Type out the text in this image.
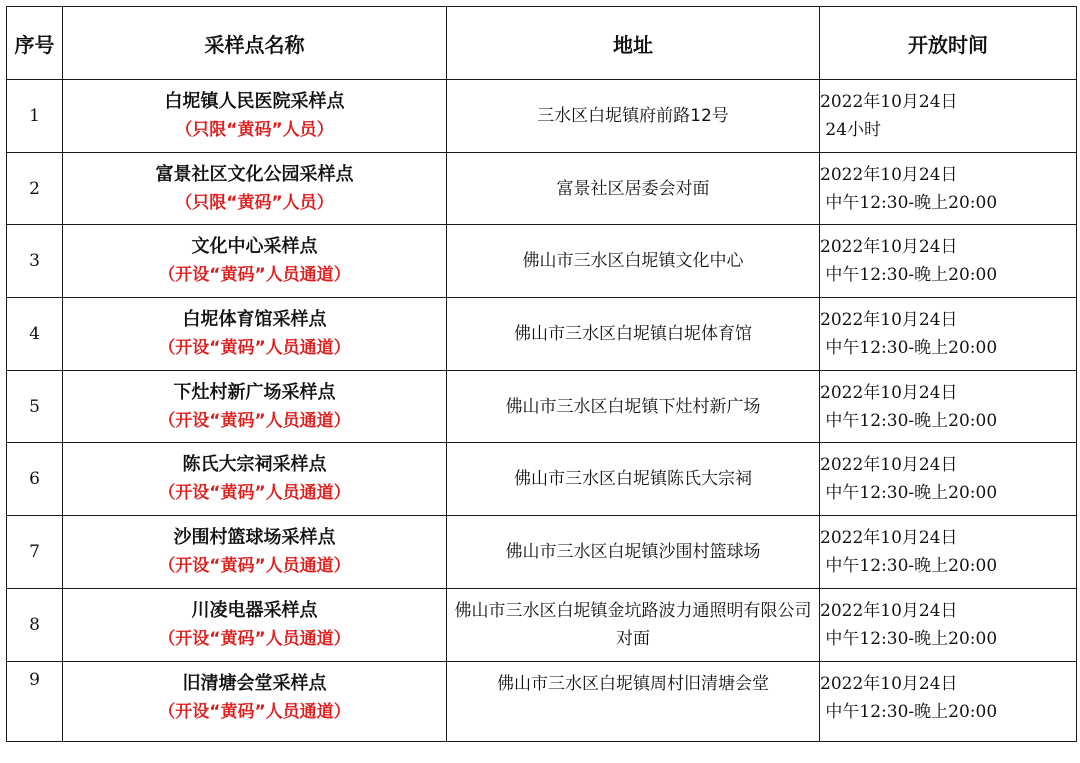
序号	采样点名称	地址	开放时间
1	白坭镇人民医院采样点
（只限“黄码”人员）	三水区白坭镇府前路12号	2022年10月24日
24小时

2	富景社区文化公园采样点
（只限“黄码”人员）	富景社区居委会对面	2022年10月24日
中午12:30-晚上20:00

3	文化中心采样点
（开设“黄码”人员通道）	佛山市三水区白坭镇文化中心	2022年10月24日
中午12:30-晚上20:00

4	白坭体育馆采样点
（开设“黄码”人员通道）	佛山市三水区白坭镇白坭体育馆	2022年10月24日
中午12:30-晚上20:00

5	下灶村新广场采样点
（开设“黄码”人员通道）	佛山市三水区白坭镇下灶村新广场	2022年10月24日
中午12:30-晚上20:00

6	陈氏大宗祠采样点
（开设“黄码”人员通道）	佛山市三水区白坭镇陈氏大宗祠	2022年10月24日
中午12:30-晚上20:00

7	沙围村篮球场采样点
（开设“黄码”人员通道）	佛山市三水区白坭镇沙围村篮球场	2022年10月24日
中午12:30-晚上20:00

8	川凌电器采样点
（开设“黄码”人员通道）	佛山市三水区白坭镇金坑路波力通照明有限公司对面	2022年10月24日
中午12:30-晚上20:00

9	旧清塘会堂采样点
（开设“黄码”人员通道）	佛山市三水区白坭镇周村旧清塘会堂	2022年10月24日
中午12:30-晚上20:00
